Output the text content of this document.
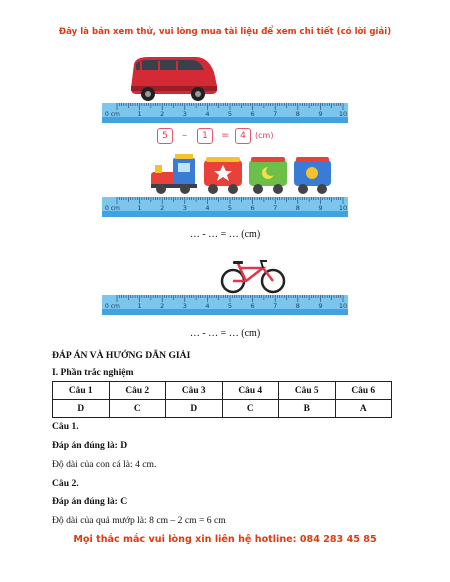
Đây là bản xem thử, vui lòng mua tài liệu để xem chi tiết (có lời giải)
0 cm	1	2	3	4	5	6	7	8	9	10
5	–	1	=	4	(cm)
0 cm	1	2	3	4	5	6	7	8	9	10
… - … = … (cm)
0 cm	1	2	3	4	5	6	7	8	9	10
… - … = … (cm)
ĐÁP ÁN VÀ HƯỚNG DẪN GIẢI
I. Phần trắc nghiệm
Câu 1	Câu 2	Câu 3	Câu 4	Câu 5	Câu 6
D	C	D	C	B	A
Câu 1.
Đáp án đúng là: D
Độ dài của con cá là: 4 cm.
Câu 2.
Đáp án đúng là: C
Độ dài của quả mướp là: 8 cm – 2 cm = 6 cm
Mọi thắc mắc vui lòng xin liên hệ hotline: 084 283 45 85
